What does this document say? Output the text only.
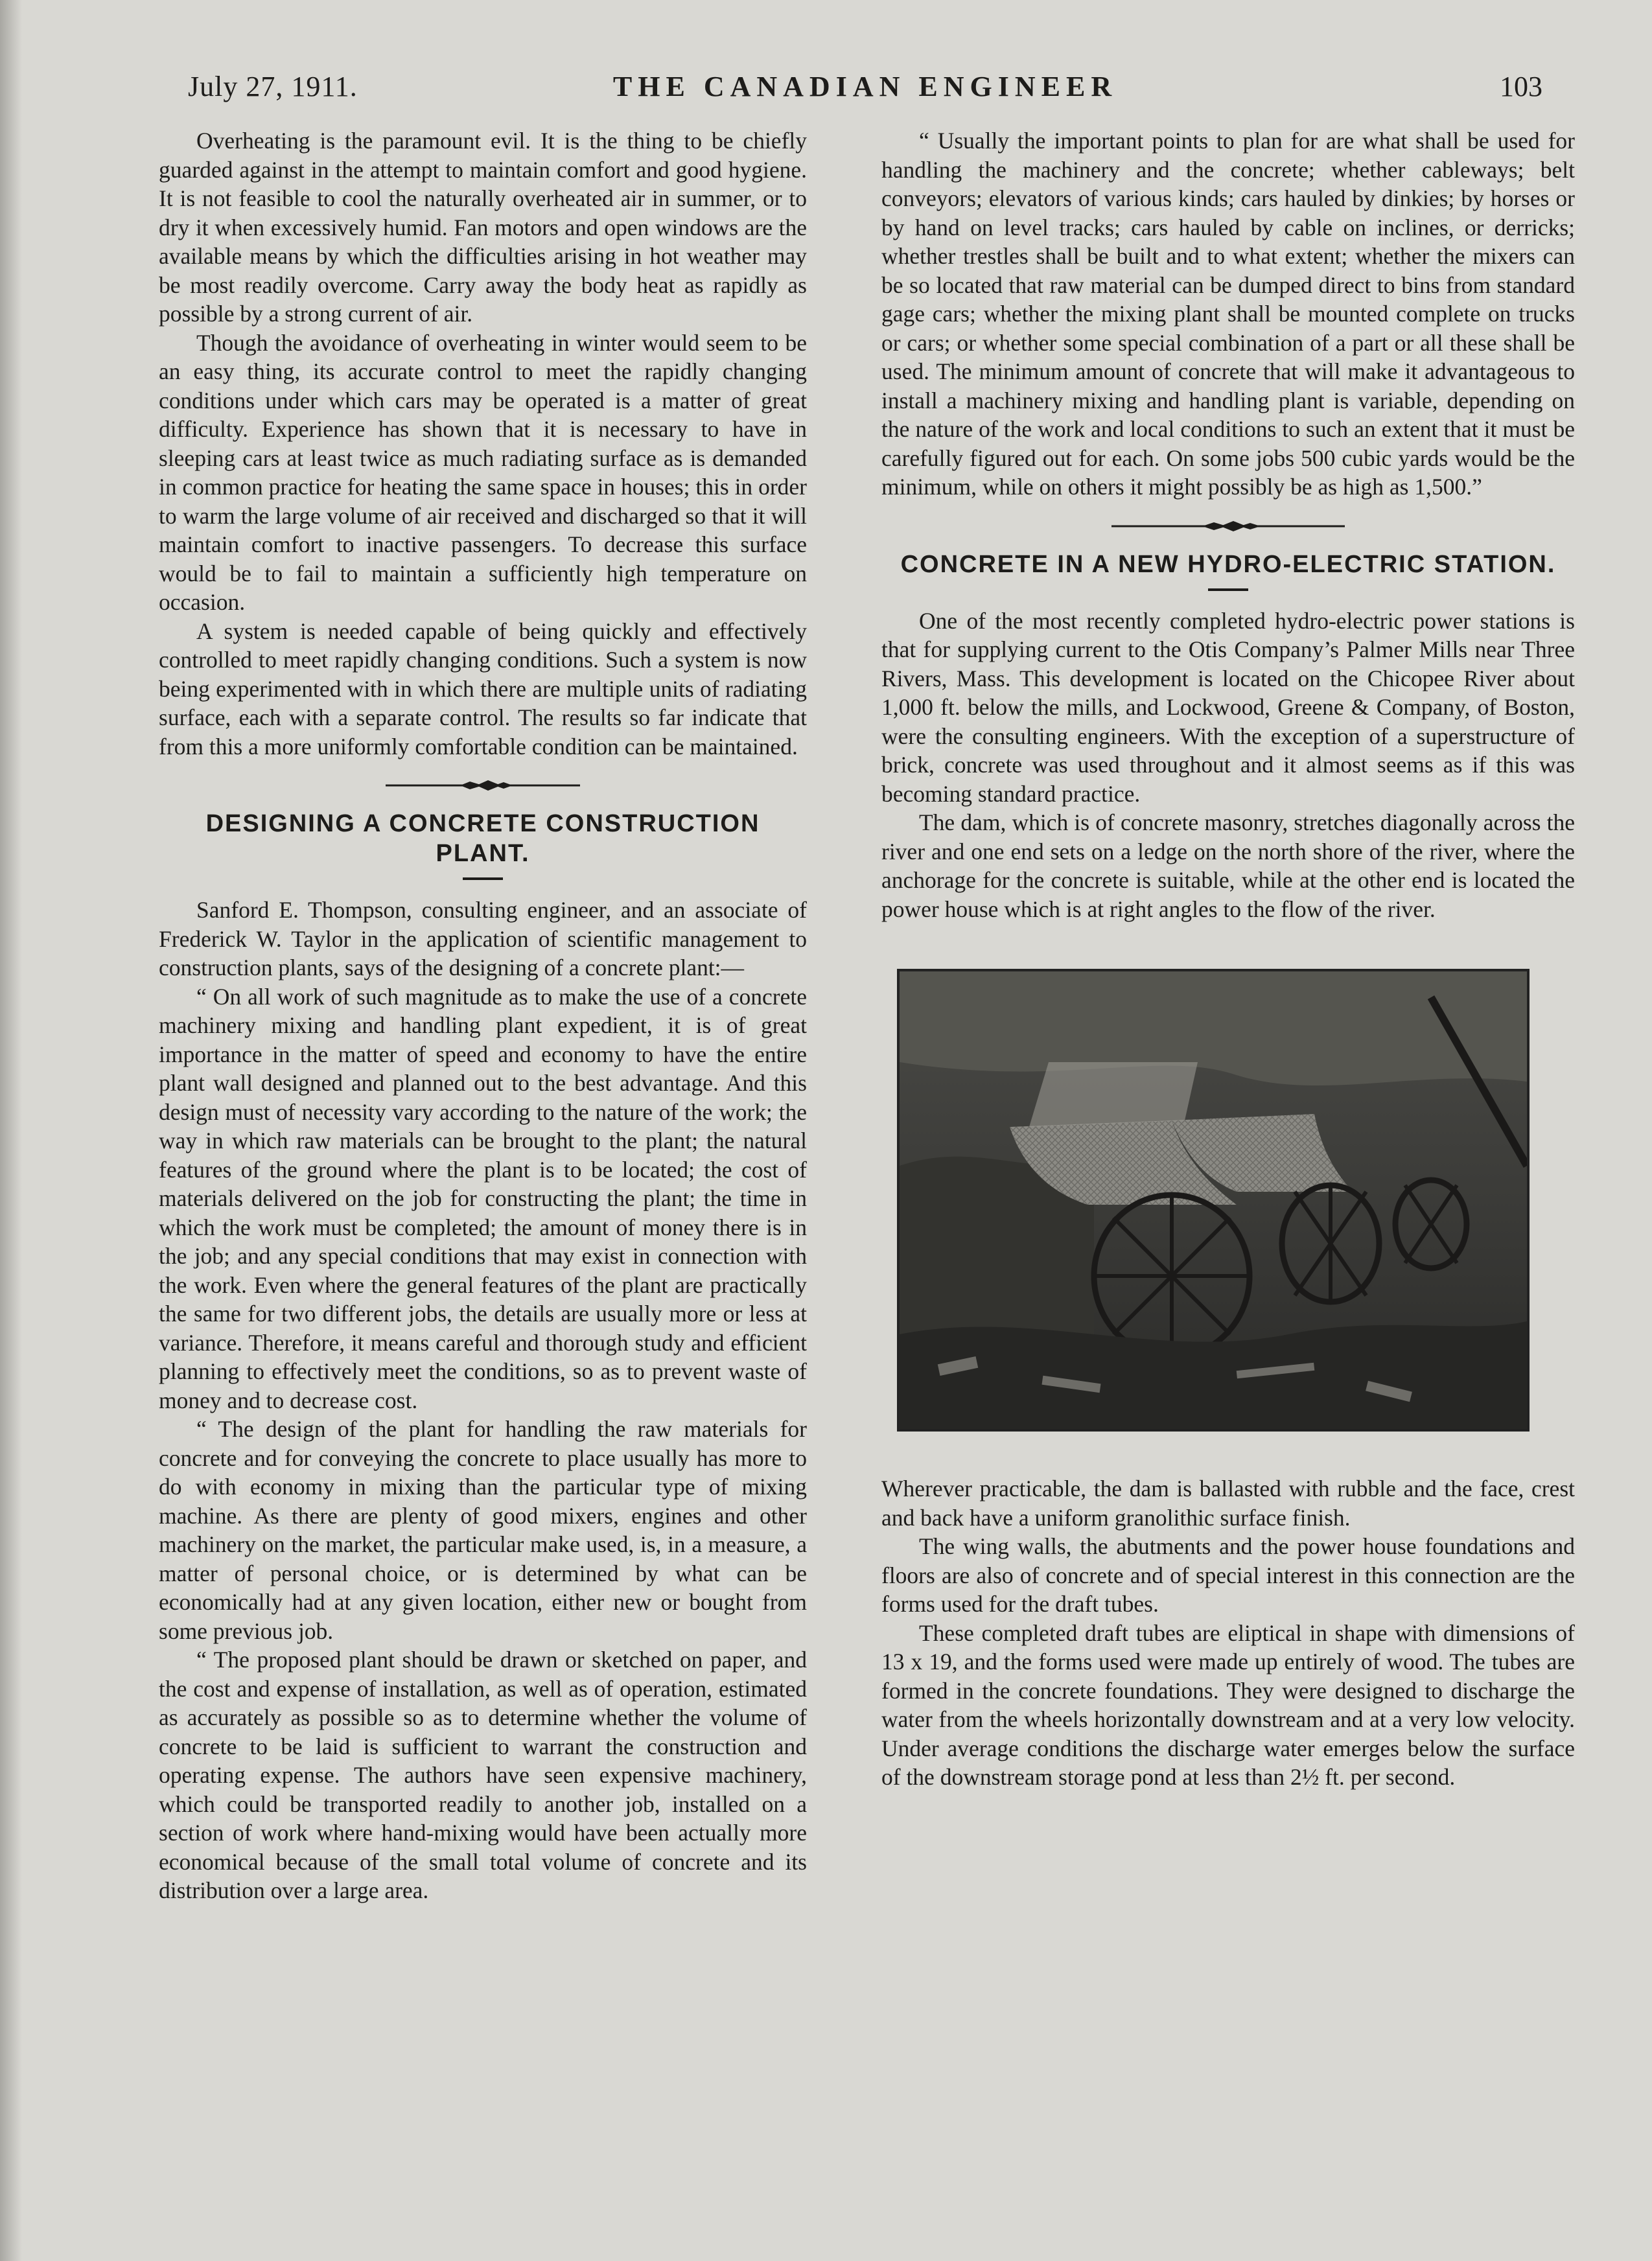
July 27, 1911.	THE CANADIAN ENGINEER	103

Overheating is the paramount evil. It is the thing to be chiefly guarded against in the attempt to maintain comfort and good hygiene. It is not feasible to cool the naturally overheated air in summer, or to dry it when excessively humid. Fan motors and open windows are the available means by which the difficulties arising in hot weather may be most readily overcome. Carry away the body heat as rapidly as possible by a strong current of air.

Though the avoidance of overheating in winter would seem to be an easy thing, its accurate control to meet the rapidly changing conditions under which cars may be operated is a matter of great difficulty. Experience has shown that it is necessary to have in sleeping cars at least twice as much radiating surface as is demanded in common practice for heating the same space in houses; this in order to warm the large volume of air received and discharged so that it will maintain comfort to inactive passengers. To decrease this surface would be to fail to maintain a sufficiently high temperature on occasion.

A system is needed capable of being quickly and effectively controlled to meet rapidly changing conditions. Such a system is now being experimented with in which there are multiple units of radiating surface, each with a separate control. The results so far indicate that from this a more uniformly comfortable condition can be maintained.

DESIGNING A CONCRETE CONSTRUCTION PLANT.

Sanford E. Thompson, consulting engineer, and an associate of Frederick W. Taylor in the application of scientific management to construction plants, says of the designing of a concrete plant:—

“ On all work of such magnitude as to make the use of a concrete machinery mixing and handling plant expedient, it is of great importance in the matter of speed and economy to have the entire plant wall designed and planned out to the best advantage. And this design must of necessity vary according to the nature of the work; the way in which raw materials can be brought to the plant; the natural features of the ground where the plant is to be located; the cost of materials delivered on the job for constructing the plant; the time in which the work must be completed; the amount of money there is in the job; and any special conditions that may exist in connection with the work. Even where the general features of the plant are practically the same for two different jobs, the details are usually more or less at variance. Therefore, it means careful and thorough study and efficient planning to effectively meet the conditions, so as to prevent waste of money and to decrease cost.

“ The design of the plant for handling the raw materials for concrete and for conveying the concrete to place usually has more to do with economy in mixing than the particular type of mixing machine. As there are plenty of good mixers, engines and other machinery on the market, the particular make used, is, in a measure, a matter of personal choice, or is determined by what can be economically had at any given location, either new or bought from some previous job.

“ The proposed plant should be drawn or sketched on paper, and the cost and expense of installation, as well as of operation, estimated as accurately as possible so as to determine whether the volume of concrete to be laid is sufficient to warrant the construction and operating expense. The authors have seen expensive machinery, which could be transported readily to another job, installed on a section of work where hand-mixing would have been actually more economical because of the small total volume of concrete and its distribution over a large area.

“ Usually the important points to plan for are what shall be used for handling the machinery and the concrete; whether cableways; belt conveyors; elevators of various kinds; cars hauled by dinkies; by horses or by hand on level tracks; cars hauled by cable on inclines, or derricks; whether trestles shall be built and to what extent; whether the mixers can be so located that raw material can be dumped direct to bins from standard gage cars; whether the mixing plant shall be mounted complete on trucks or cars; or whether some special combination of a part or all these shall be used. The minimum amount of concrete that will make it advantageous to install a machinery mixing and handling plant is variable, depending on the nature of the work and local conditions to such an extent that it must be carefully figured out for each. On some jobs 500 cubic yards would be the minimum, while on others it might possibly be as high as 1,500.”

CONCRETE IN A NEW HYDRO-ELECTRIC STATION.

One of the most recently completed hydro-electric power stations is that for supplying current to the Otis Company’s Palmer Mills near Three Rivers, Mass. This development is located on the Chicopee River about 1,000 ft. below the mills, and Lockwood, Greene & Company, of Boston, were the consulting engineers. With the exception of a superstructure of brick, concrete was used throughout and it almost seems as if this was becoming standard practice.

The dam, which is of concrete masonry, stretches diagonally across the river and one end sets on a ledge on the north shore of the river, where the anchorage for the concrete is suitable, while at the other end is located the power house which is at right angles to the flow of the river.

Wherever practicable, the dam is ballasted with rubble and the face, crest and back have a uniform granolithic surface finish.

The wing walls, the abutments and the power house foundations and floors are also of concrete and of special interest in this connection are the forms used for the draft tubes.

These completed draft tubes are eliptical in shape with dimensions of 13 x 19, and the forms used were made up entirely of wood. The tubes are formed in the concrete foundations. They were designed to discharge the water from the wheels horizontally downstream and at a very low velocity. Under average conditions the discharge water emerges below the surface of the downstream storage pond at less than 2½ ft. per second.
